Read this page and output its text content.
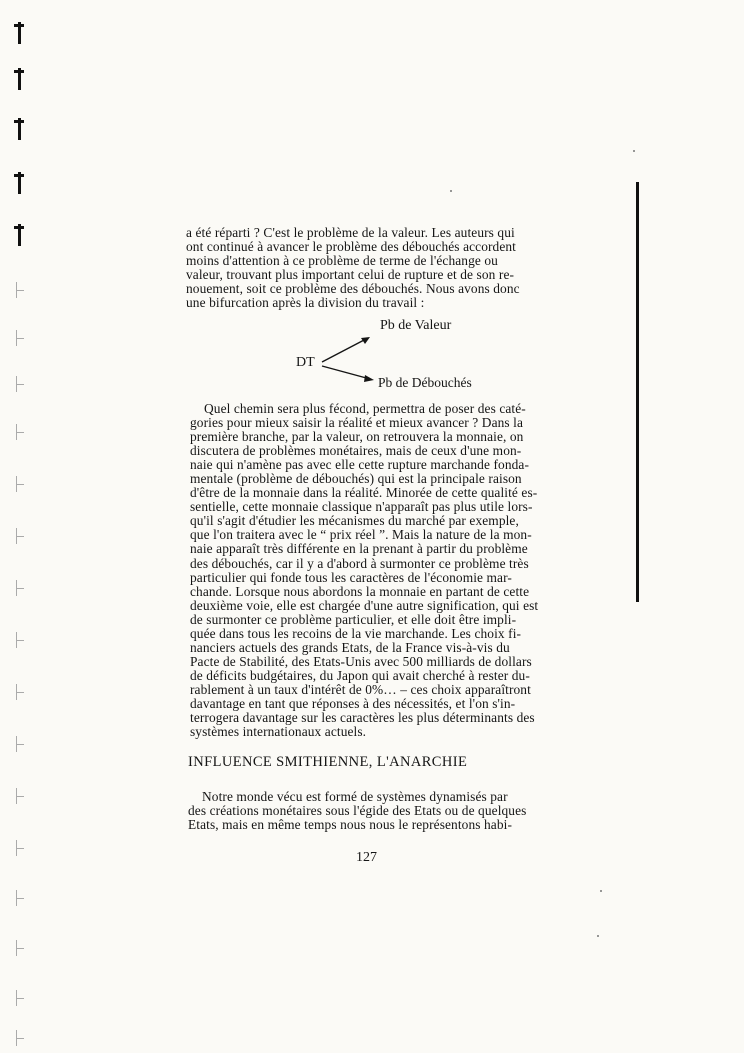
a été réparti ? C'est le problème de la valeur. Les auteurs qui

ont continué à avancer le problème des débouchés accordent

moins d'attention à ce problème de terme de l'échange ou

valeur, trouvant plus important celui de rupture et de son re-

nouement, soit ce problème des débouchés. Nous avons donc

une bifurcation après la division du travail :

DT
Pb de Valeur
Pb de Débouchés

Quel chemin sera plus fécond, permettra de poser des caté-

gories pour mieux saisir la réalité et mieux avancer ? Dans la

première branche, par la valeur, on retrouvera la monnaie, on

discutera de problèmes monétaires, mais de ceux d'une mon-

naie qui n'amène pas avec elle cette rupture marchande fonda-

mentale (problème de débouchés) qui est la principale raison

d'être de la monnaie dans la réalité. Minorée de cette qualité es-

sentielle, cette monnaie classique n'apparaît pas plus utile lors-

qu'il s'agit d'étudier les mécanismes du marché par exemple,

que l'on traitera avec le “ prix réel ”. Mais la nature de la mon-

naie apparaît très différente en la prenant à partir du problème

des débouchés, car il y a d'abord à surmonter ce problème très

particulier qui fonde tous les caractères de l'économie mar-

chande. Lorsque nous abordons la monnaie en partant de cette

deuxième voie, elle est chargée d'une autre signification, qui est

de surmonter ce problème particulier, et elle doit être impli-

quée dans tous les recoins de la vie marchande. Les choix fi-

nanciers actuels des grands Etats, de la France vis-à-vis du

Pacte de Stabilité, des Etats-Unis avec 500 milliards de dollars

de déficits budgétaires, du Japon qui avait cherché à rester du-

rablement à un taux d'intérêt de 0%… – ces choix apparaîtront

davantage en tant que réponses à des nécessités, et l'on s'in-

terrogera davantage sur les caractères les plus déterminants des

systèmes internationaux actuels.

INFLUENCE SMITHIENNE, L'ANARCHIE

Notre monde vécu est formé de systèmes dynamisés par

des créations monétaires sous l'égide des Etats ou de quelques

Etats, mais en même temps nous nous le représentons habi-

127
